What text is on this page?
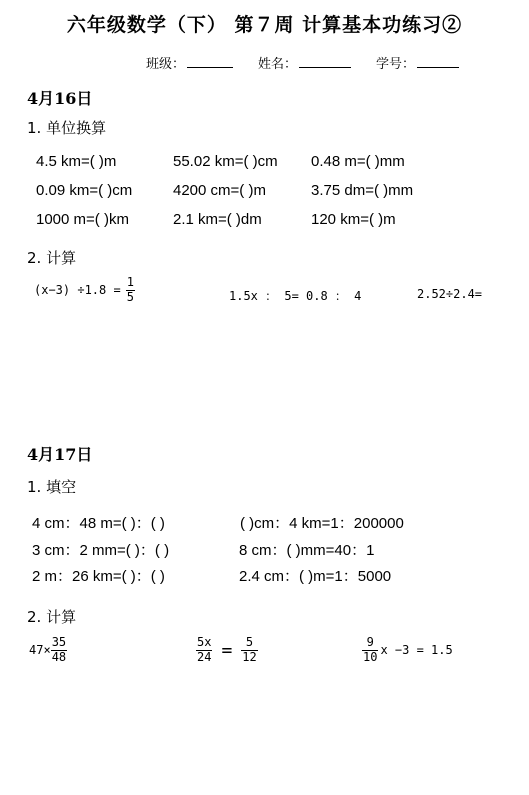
六年级数学（下） 第７周 计算基本功练习②
班级：	姓名：	学号：
4月16日
1. 单位换算
4.5 km=( )m	55.02 km=( )cm 0.48 m=( )mm
0.09 km=( )cm	4200 cm=( )m	3.75 dm=( )mm
1000 m=( )km	2.1 km=( )dm	120 km=( )m
2. 计算
$(x-3) \div 1.8 = \frac{1}{5}$	1.5x ： 5= 0.8 ： 4	2.52÷2.4=
4月17日
1. 填空
4 cm：48 m=( )：( )	( )cm：4 km=1：200000
3 cm：2 mm=( )：( )	8 cm：( )mm=40：1
2 m：26 km=( )：( )	2.4 cm：( )m=1：5000
2. 计算
$47\times \frac{35}{48}$	$\frac{5x}{24} = \frac{5}{12}$	$\frac{9}{10}$ x −3 = 1.5
